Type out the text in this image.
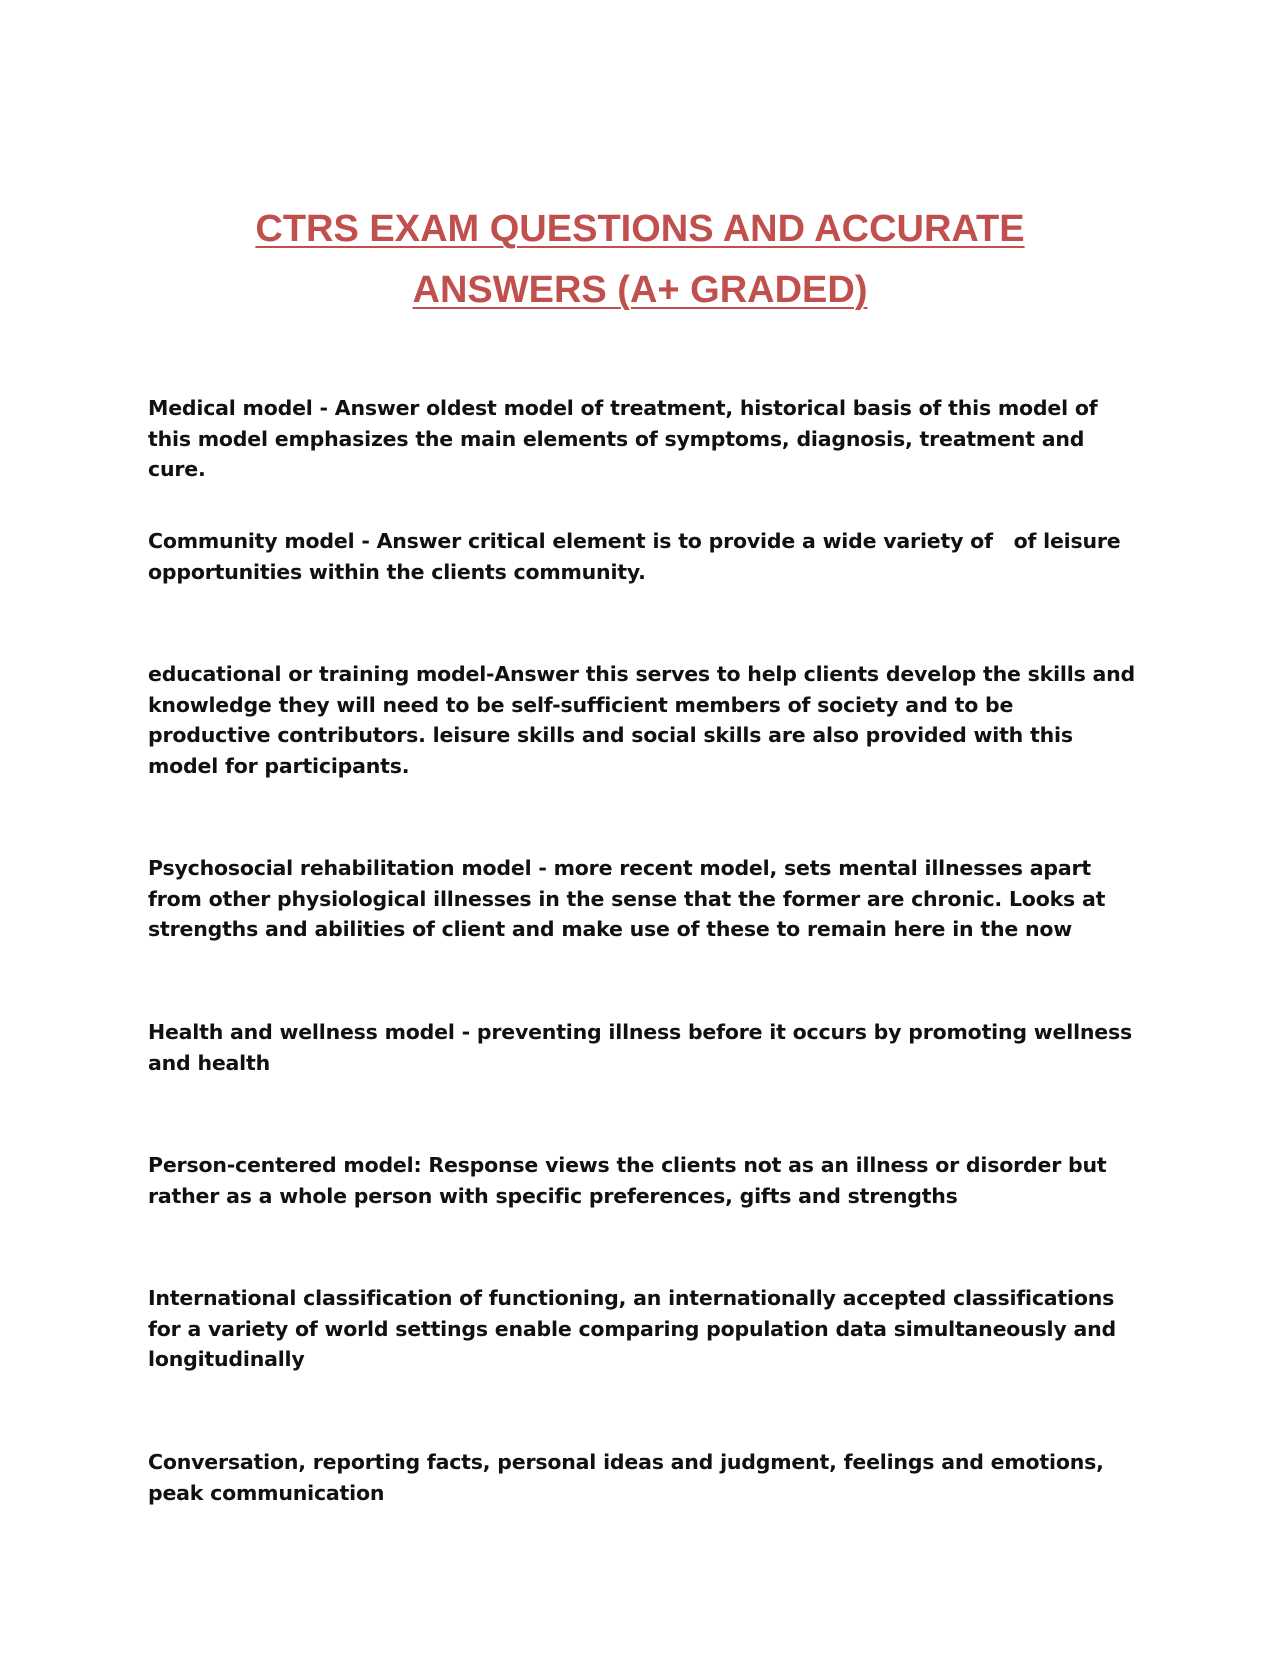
CTRS EXAM QUESTIONS AND ACCURATE
ANSWERS (A+ GRADED)

Medical model - Answer oldest model of treatment, historical basis of this model of this model emphasizes the main elements of symptoms, diagnosis, treatment and cure.

Community model - Answer critical element is to provide a wide variety of   of leisure opportunities within the clients community.

educational or training model-Answer this serves to help clients develop the skills and knowledge they will need to be self-sufficient members of society and to be productive contributors. leisure skills and social skills are also provided with this model for participants.

Psychosocial rehabilitation model - more recent model, sets mental illnesses apart from other physiological illnesses in the sense that the former are chronic. Looks at strengths and abilities of client and make use of these to remain here in the now

Health and wellness model - preventing illness before it occurs by promoting wellness and health

Person-centered model: Response views the clients not as an illness or disorder but rather as a whole person with specific preferences, gifts and strengths

International classification of functioning, an internationally accepted classifications for a variety of world settings enable comparing population data simultaneously and longitudinally

Conversation, reporting facts, personal ideas and judgment, feelings and emotions, peak communication
